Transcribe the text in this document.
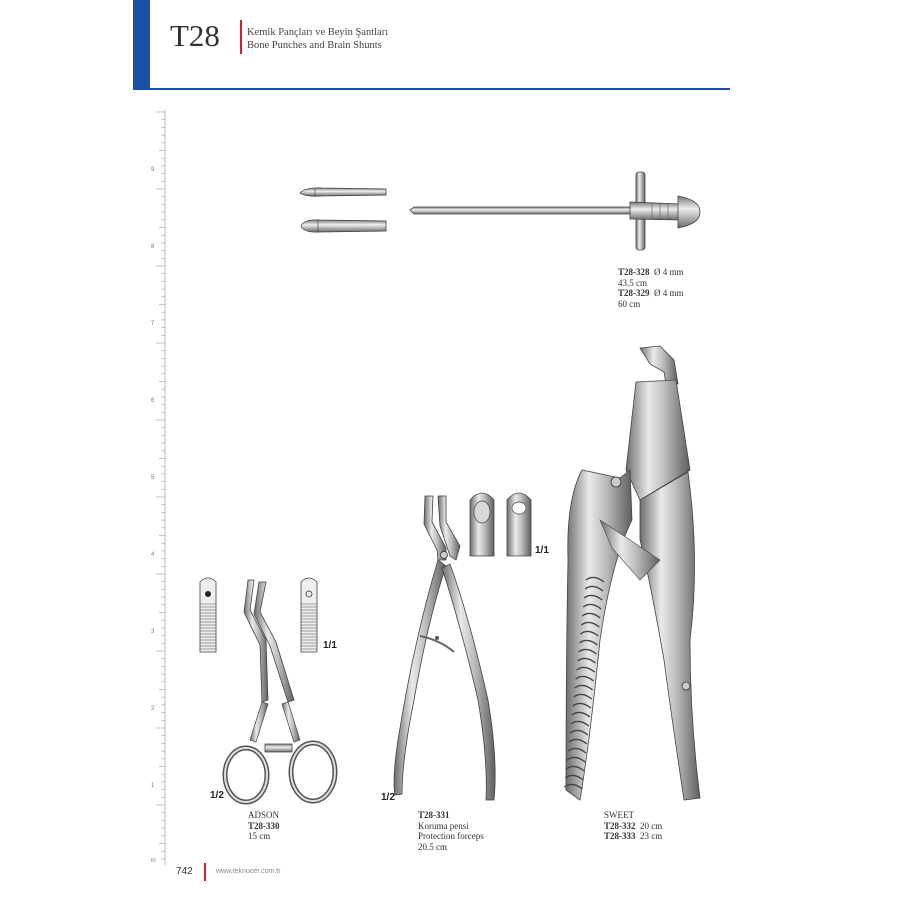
T28	Kemik Pançları ve Beyin Şantları
Bone Punches and Brain Shunts
9
8
7
6
5
4
3
2
1
in
T28-328 Ø 4 mm
43.5 cm
T28-329 Ø 4 mm
60 cm
ADSON
T28-330
15 cm
1/2
1/1
T28-331
Koruma pensi
Protection forceps
20.5 cm
1/2
1/1
SWEET
T28-332 20 cm
T28-333 23 cm
742	www.teknocer.com.tr
